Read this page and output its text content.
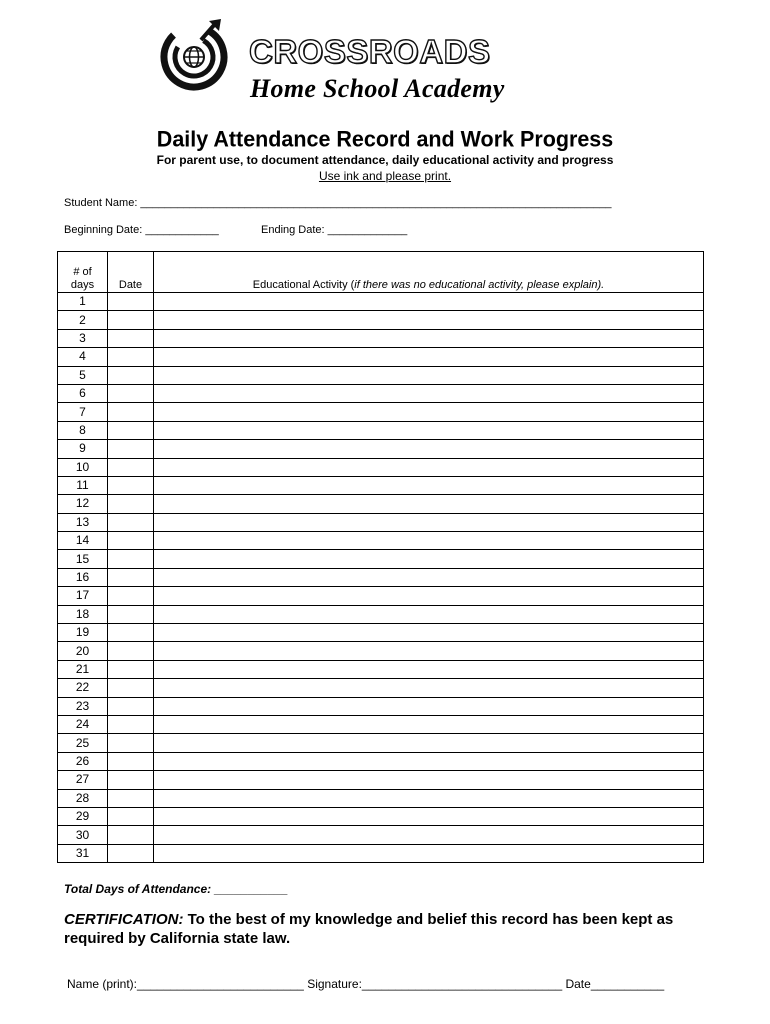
CROSSROADS
Home School Academy
Daily Attendance Record and Work Progress
For parent use, to document attendance, daily educational activity and progress
Use ink and please print.
Student Name: _____________________________________________________________________________
Beginning Date: ____________	Ending Date: _____________
# of
days	Date	Educational Activity (if there was no educational activity, please explain).
1		
2		
3		
4		
5		
6		
7		
8		
9		
10		
11		
12		
13		
14		
15		
16		
17		
18		
19		
20		
21		
22		
23		
24		
25		
26		
27		
28		
29		
30		
31		
Total Days of Attendance: ___________
CERTIFICATION: To the best of my knowledge and belief this record has been kept as required by California state law.
Name (print):_________________________ Signature:______________________________ Date___________
